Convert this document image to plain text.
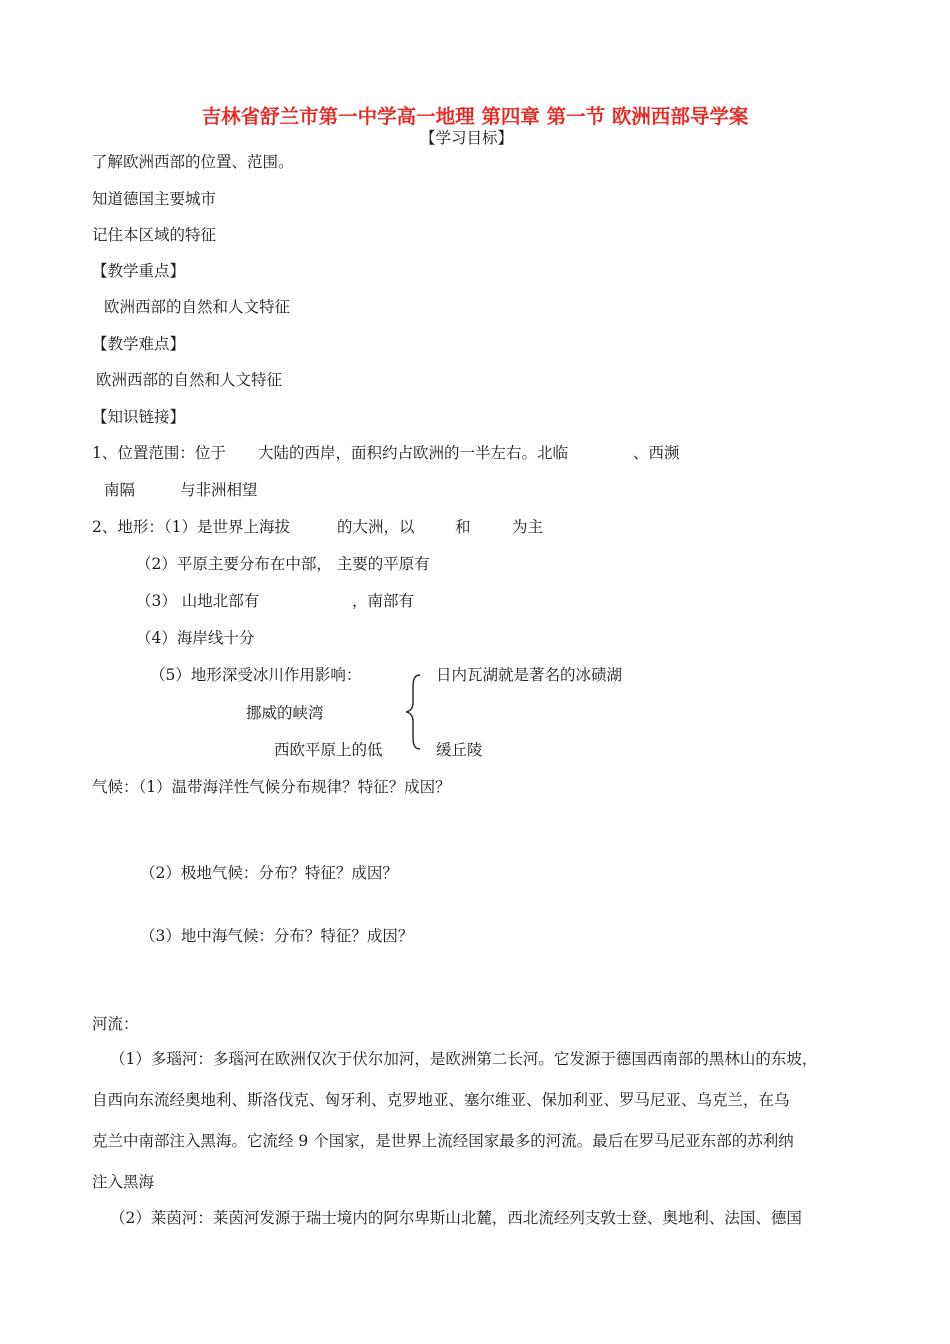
吉林省舒兰市第一中学高一地理 第四章 第一节 欧洲西部导学案
【学习目标】
了解欧洲西部的位置、范围。
知道德国主要城市
记住本区域的特征
【教学重点】
欧洲西部的自然和人文特征
【教学难点】
欧洲西部的自然和人文特征
【知识链接】
1、位置范围：位于 大陆的西岸，面积约占欧洲的一半左右。北临	、西濒
南隔	与非洲相望
2、地形：（1）是世界上海拔	的大洲，以	和	为主
（2）平原主要分布在中部， 主要的平原有
（3） 山地北部有	，南部有
（4）海岸线十分
（5）地形深受冰川作用影响：	日内瓦湖就是著名的冰碛湖
挪威的峡湾
西欧平原上的低	缓丘陵
气候：（1）温带海洋性气候分布规律？特征？成因？
（2）极地气候：分布？特征？成因？
（3）地中海气候：分布？特征？成因？
河流：
（1）多瑙河：多瑙河在欧洲仅次于伏尔加河，是欧洲第二长河。它发源于德国西南部的黑林山的东坡，
自西向东流经奥地利、斯洛伐克、匈牙利、克罗地亚、塞尔维亚、保加利亚、罗马尼亚、乌克兰，在乌
克兰中南部注入黑海。它流经 9 个国家，是世界上流经国家最多的河流。最后在罗马尼亚东部的苏利纳
注入黑海
（2）莱茵河：莱茵河发源于瑞士境内的阿尔卑斯山北麓，西北流经列支敦士登、奥地利、法国、德国
